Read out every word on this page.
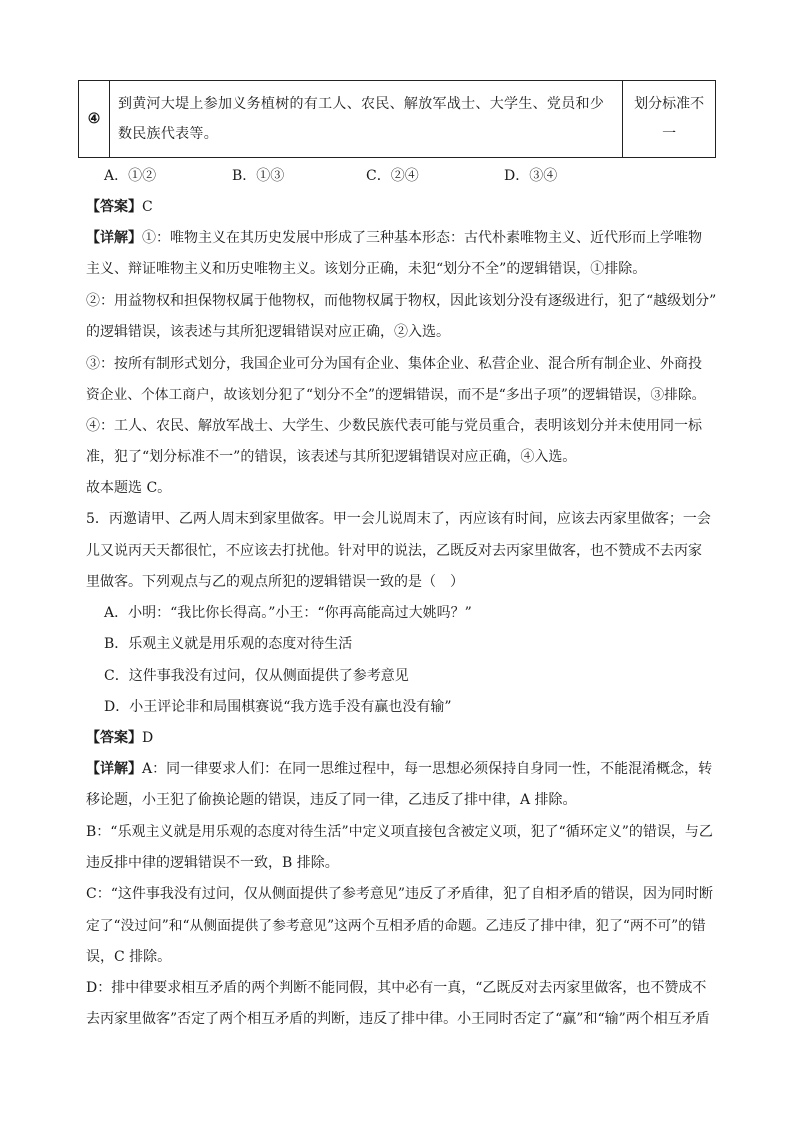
④	到黄河大堤上参加义务植树的有工人、农民、解放军战士、大学生、党员和少数民族代表等。	划分标准不一
A．①②	B．①③	C．②④	D．③④
【答案】C
【详解】①：唯物主义在其历史发展中形成了三种基本形态：古代朴素唯物主义、近代形而上学唯物
主义、辩证唯物主义和历史唯物主义。该划分正确，未犯“划分不全”的逻辑错误，①排除。
②：用益物权和担保物权属于他物权，而他物权属于物权，因此该划分没有逐级进行，犯了“越级划分”
的逻辑错误，该表述与其所犯逻辑错误对应正确，②入选。
③：按所有制形式划分，我国企业可分为国有企业、集体企业、私营企业、混合所有制企业、外商投
资企业、个体工商户，故该划分犯了“划分不全”的逻辑错误，而不是“多出子项”的逻辑错误，③排除。
④：工人、农民、解放军战士、大学生、少数民族代表可能与党员重合，表明该划分并未使用同一标
准，犯了“划分标准不一”的错误，该表述与其所犯逻辑错误对应正确，④入选。
故本题选 C。
5．丙邀请甲、乙两人周末到家里做客。甲一会儿说周末了，丙应该有时间，应该去丙家里做客；一会
儿又说丙天天都很忙，不应该去打扰他。针对甲的说法，乙既反对去丙家里做客，也不赞成不去丙家
里做客。下列观点与乙的观点所犯的逻辑错误一致的是（　）
A．小明：“我比你长得高。”小王：“你再高能高过大姚吗？”
B．乐观主义就是用乐观的态度对待生活
C．这件事我没有过问，仅从侧面提供了参考意见
D．小王评论非和局围棋赛说“我方选手没有赢也没有输”
【答案】D
【详解】A：同一律要求人们：在同一思维过程中，每一思想必须保持自身同一性，不能混淆概念，转
移论题，小王犯了偷换论题的错误，违反了同一律，乙违反了排中律，A 排除。
B：“乐观主义就是用乐观的态度对待生活”中定义项直接包含被定义项，犯了“循环定义”的错误，与乙
违反排中律的逻辑错误不一致，B 排除。
C：“这件事我没有过问，仅从侧面提供了参考意见”违反了矛盾律，犯了自相矛盾的错误，因为同时断
定了“没过问”和“从侧面提供了参考意见”这两个互相矛盾的命题。乙违反了排中律，犯了“两不可”的错
误，C 排除。
D：排中律要求相互矛盾的两个判断不能同假，其中必有一真，“乙既反对去丙家里做客，也不赞成不
去丙家里做客”否定了两个相互矛盾的判断，违反了排中律。小王同时否定了“赢”和“输”两个相互矛盾
